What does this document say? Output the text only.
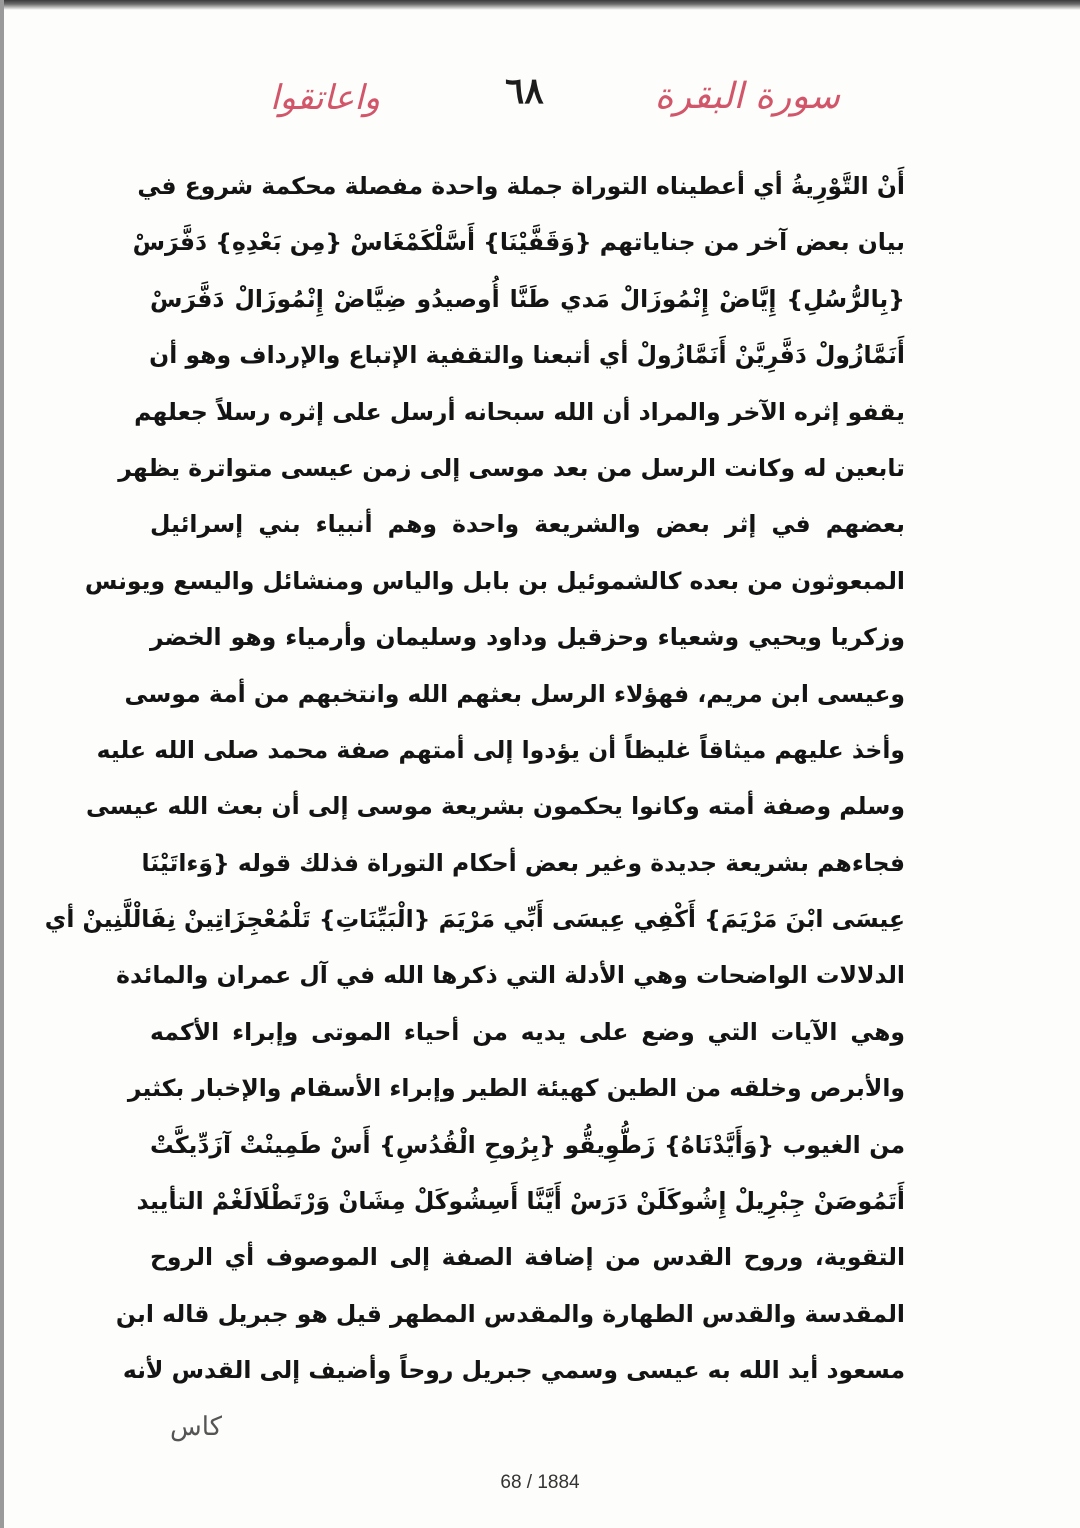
واعاتقوا	٦٨	سورة البقرة
أَنْ التَّوْرِيةُ أي أعطيناه التوراة جملة واحدة مفصلة محكمة شروع في
بيان بعض آخر من جناياتهم {وَقَفَّيْنَا} أَسَّلْكَمْغَاسْ {مِن بَعْدِهِ} دَفَّرَسْ
{بِالرُّسُلِ} إِيَّاضْ إِنْمُوزَالْ مَدي طَنَّا أُوصيدُو ضِيَّاضْ إِنْمُوزَالْ دَفَّرَسْ
أَنَمَّازُولْ دَفَّرِيَّنْ أَنَمَّازُولْ أي أتبعنا والتقفية الإتباع والإرداف وهو أن
يقفو إثره الآخر والمراد أن الله سبحانه أرسل على إثره رسلاً جعلهم
تابعين له وكانت الرسل من بعد موسى إلى زمن عيسى متواترة يظهر
بعضهم في إثر بعض والشريعة واحدة وهم أنبياء بني إسرائيل
المبعوثون من بعده كالشموئيل بن بابل والياس ومنشائل واليسع ويونس
وزكريا ويحيي وشعياء وحزقيل وداود وسليمان وأرمياء وهو الخضر
وعيسى ابن مريم، فهؤلاء الرسل بعثهم الله وانتخبهم من أمة موسى
وأخذ عليهم ميثاقاً غليظاً أن يؤدوا إلى أمتهم صفة محمد صلى الله عليه
وسلم وصفة أمته وكانوا يحكمون بشريعة موسى إلى أن بعث الله عيسى
فجاءهم بشريعة جديدة وغير بعض أحكام التوراة فذلك قوله {وَءاتَيْنَا
عِيسَى ابْنَ مَرْيَمَ} أَكْفِي عِيسَى أَبِّي مَرْيَمَ {الْبَيِّنَاتِ} تَلْمُعْجِزَاتِينْ نِفَالْلَّنِينْ أي
الدلالات الواضحات وهي الأدلة التي ذكرها الله في آل عمران والمائدة
وهي الآيات التي وضع على يديه من أحياء الموتى وإبراء الأكمه
والأبرص وخلقه من الطين كهيئة الطير وإبراء الأسقام والإخبار بكثير
من الغيوب {وَأَيَّدْنَاهُ} زَطُّوِيقُّو {بِرُوحِ الْقُدُسِ} أَسْ طَمِينْتْ آزَدِّيكَّتْ
أَتَمُوصَنْ جِبْرِيلْ إِشُوكَلَنْ دَرَسْ أَيَّنَّا أَسِشُوكَلْ مِشَانْ وَرْتَطْلَالَغْمْ التأييد
التقوية، وروح القدس من إضافة الصفة إلى الموصوف أي الروح
المقدسة والقدس الطهارة والمقدس المطهر قيل هو جبريل قاله ابن
مسعود أيد الله به عيسى وسمي جبريل روحاً وأضيف إلى القدس لأنه
كاس
68 / 1884
